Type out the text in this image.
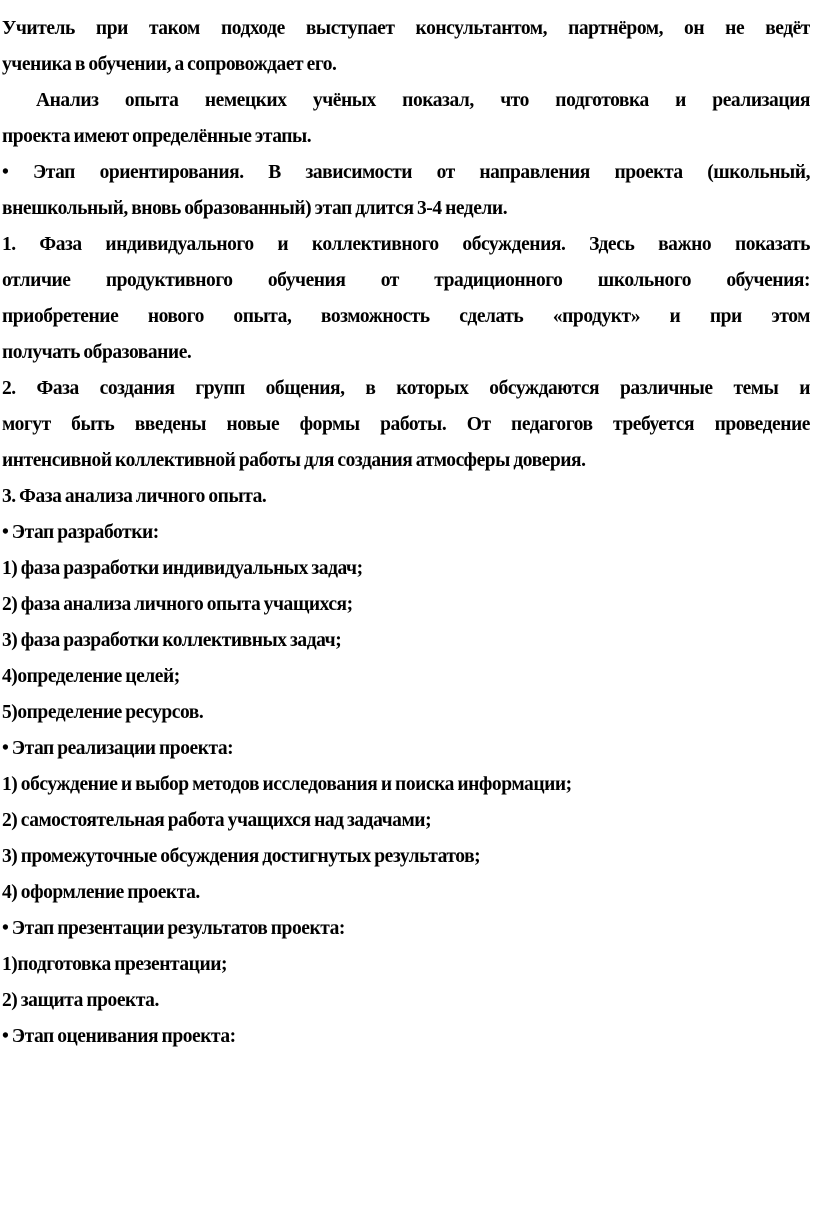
Учитель при таком подходе выступает консультантом, партнёром, он не ведёт
ученика в обучении, а сопровождает его.
Анализ опыта немецких учёных показал, что подготовка и реализация
проекта имеют определённые этапы.
• Этап ориентирования. В зависимости от направления проекта (школьный,
внешкольный, вновь образованный) этап длится 3-4 недели.
1. Фаза индивидуального и коллективного обсуждения. Здесь важно показать
отличие продуктивного обучения от традиционного школьного обучения:
приобретение нового опыта, возможность сделать «продукт» и при этом
получать образование.
2. Фаза создания групп общения, в которых обсуждаются различные темы и
могут быть введены новые формы работы. От педагогов требуется проведение
интенсивной коллективной работы для создания атмосферы доверия.
3. Фаза анализа личного опыта.
• Этап разработки:
1) фаза разработки индивидуальных задач;
2) фаза анализа личного опыта учащихся;
3) фаза разработки коллективных задач;
4)определение целей;
5)определение ресурсов.
• Этап реализации проекта:
1) обсуждение и выбор методов исследования и поиска информации;
2) самостоятельная работа учащихся над задачами;
3) промежуточные обсуждения достигнутых результатов;
4) оформление проекта.
• Этап презентации результатов проекта:
1)подготовка презентации;
2) защита проекта.
• Этап оценивания проекта:
